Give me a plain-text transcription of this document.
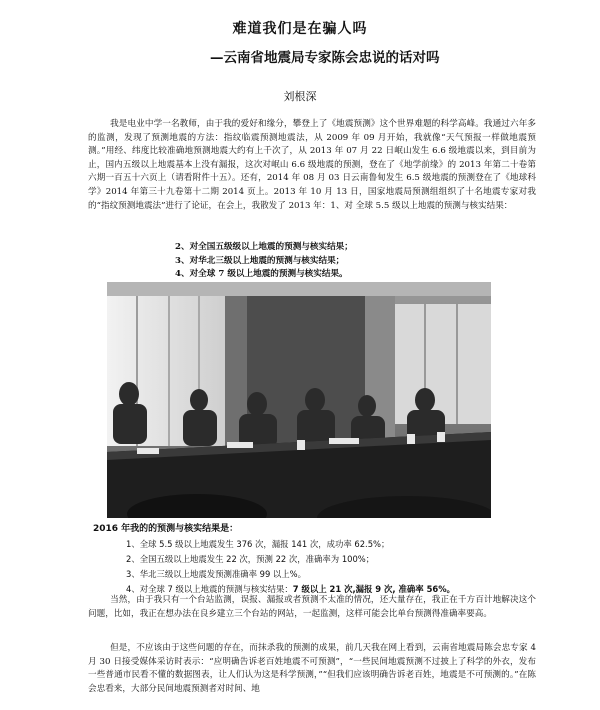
难道我们是在骗人吗
—云南省地震局专家陈会忠说的话对吗
刘根深

我是电业中学一名教师，由于我的爱好和缘分，攀登上了《地震预测》这个世界难题的科学高峰。我通过六年多的监测，发现了预测地震的方法：指纹临震预测地震法，从 2009 年 09 月开始，我就像“天气预报一样做地震预测。”用经、纬度比较准确地预测地震大约有上千次了，从 2013 年 07 月 22 日岷山发生 6.6 级地震以来，到目前为止，国内五级以上地震基本上没有漏报，这次对岷山 6.6 级地震的预测，登在了《地学前缘》的 2013 年第二十卷第六期一百五十六页上（请看附件十五）。还有，2014 年 08 月 03 日云南鲁甸发生 6.5 级地震的预测登在了《地球科学》2014 年第三十九卷第十二期 2014 页上。2013 年 10 月 13 日，国家地震局预测组组织了十名地震专家对我的“指纹预测地震法”进行了论证，在会上，我散发了 2013 年：1、对 全球 5.5 级以上地震的预测与核实结果：

2、对全国五级级以上地震的预测与核实结果；
3、对华北三级以上地震的预测与核实结果；
4、对全球 7 级以上地震的预测与核实结果。
2016 年我的的预测与核实结果是：
1、全球 5.5 级以上地震发生 376 次，漏报 141 次，成功率 62.5%；
2、全国五级以上地震发生 22 次，预测 22 次，准确率为 100%；
3、华北三级以上地震发预测准确率 99 以上%。
4、对全球 7 级以上地震的预测与核实结果：7 级以上 21 次,漏报 9 次, 准确率 56%。

当然，由于我只有一个台站监测，误报、漏报或者预测不太准的情况，还大量存在，我正在千方百计地解决这个问题，比如，我正在想办法在良乡建立三个台站的网站，一起监测，这样可能会比单台预测得准确率要高。

但是，不应该由于这些问题的存在，而抹杀我的预测的成果，前几天我在网上看到，云南省地震局陈会忠专家 4 月 30 日接受媒体采访时表示：“应明确告诉老百姓地震不可预测”，“一些民间地震预测不过披上了科学的外衣，发布一些普通市民看不懂的数据图表，让人们认为这是科学预测，”“但我们应该明确告诉老百姓，地震是不可预测的。”在陈会忠看来，大部分民间地震预测者对时间、地
